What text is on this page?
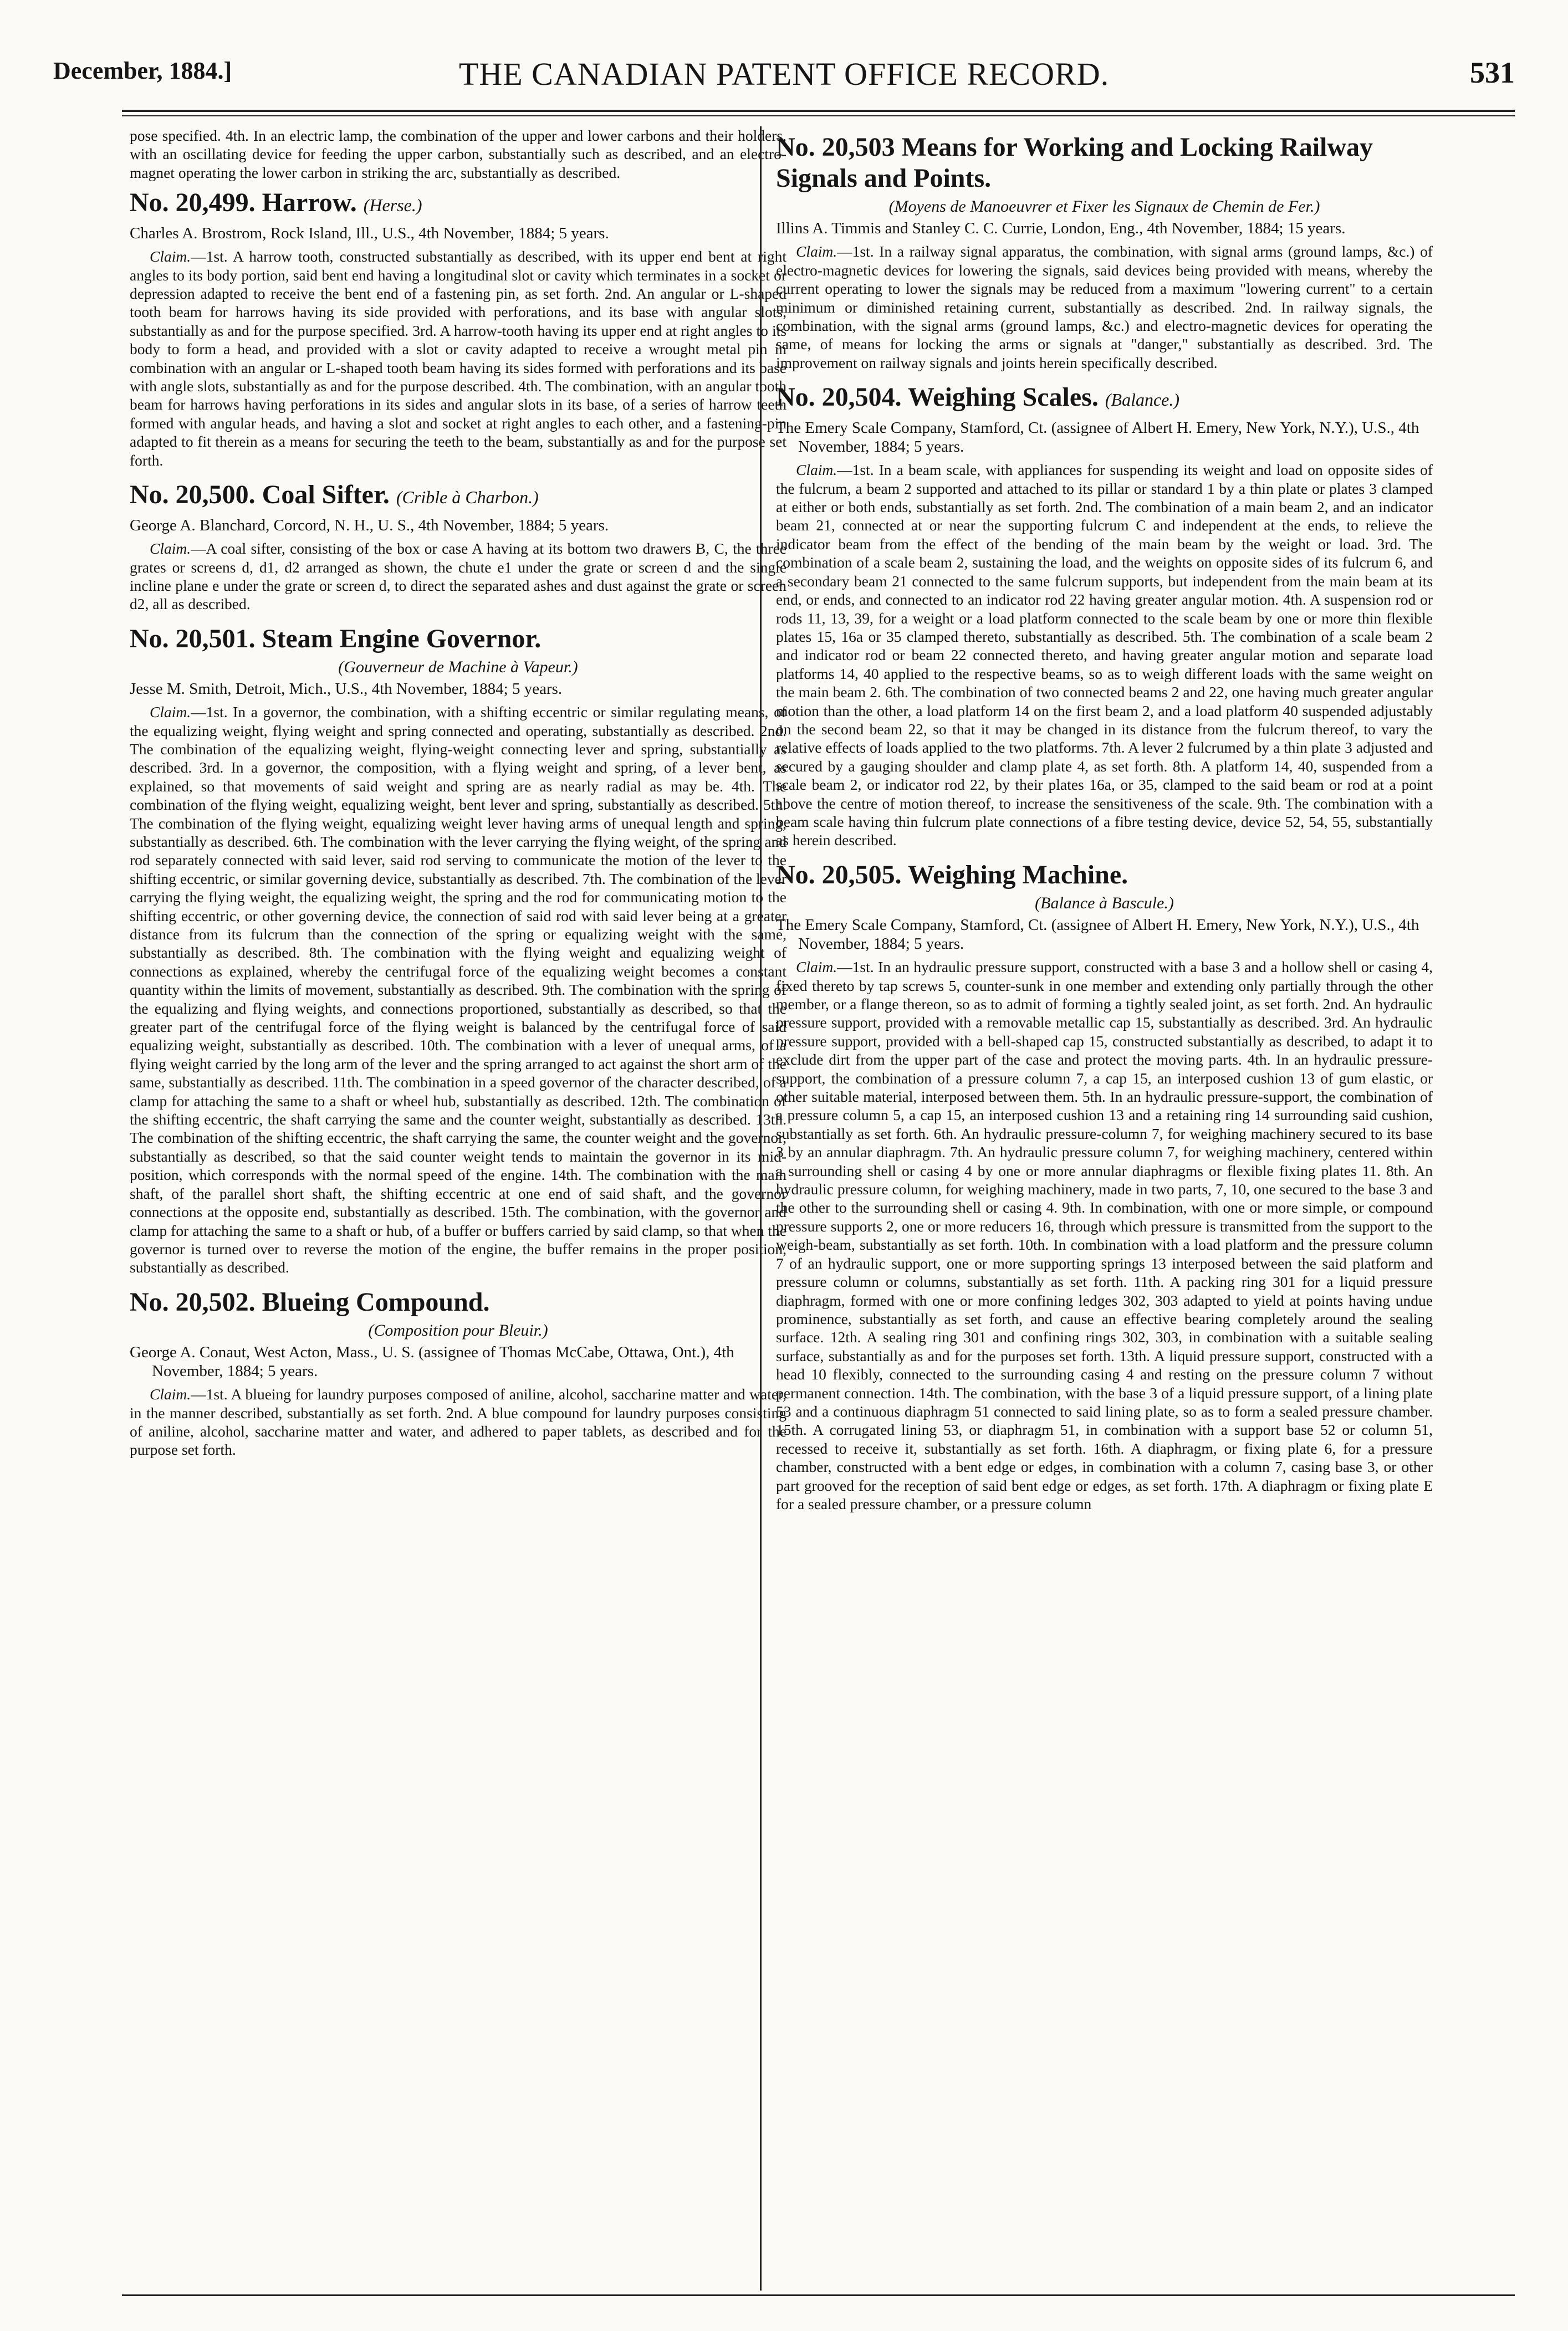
December, 1884.]	THE CANADIAN PATENT OFFICE RECORD.	531
pose specified. 4th. In an electric lamp, the combination of the upper and lower carbons and their holders, with an oscillating device for feeding the upper carbon, substantially such as described, and an electro-magnet operating the lower carbon in striking the arc, substantially as described.
No. 20,499. Harrow. (Herse.)
Charles A. Brostrom, Rock Island, Ill., U.S., 4th November, 1884; 5 years.
Claim.—1st. A harrow tooth, constructed substantially as described, with its upper end bent at right angles to its body portion, said bent end having a longitudinal slot or cavity which terminates in a socket or depression adapted to receive the bent end of a fastening pin, as set forth. 2nd. An angular or L-shaped tooth beam for harrows having its side provided with perforations, and its base with angular slots, substantially as and for the purpose specified. 3rd. A harrow-tooth having its upper end at right angles to its body to form a head, and provided with a slot or cavity adapted to receive a wrought metal pin in combination with an angular or L-shaped tooth beam having its sides formed with perforations and its base with angle slots, substantially as and for the purpose described. 4th. The combination, with an angular tooth beam for harrows having perforations in its sides and angular slots in its base, of a series of harrow teeth formed with angular heads, and having a slot and socket at right angles to each other, and a fastening-pin adapted to fit therein as a means for securing the teeth to the beam, substantially as and for the purpose set forth.
No. 20,500. Coal Sifter. (Crible à Charbon.)
George A. Blanchard, Corcord, N. H., U. S., 4th November, 1884; 5 years.
Claim.—A coal sifter, consisting of the box or case A having at its bottom two drawers B, C, the three grates or screens d, d1, d2 arranged as shown, the chute e1 under the grate or screen d and the single incline plane e under the grate or screen d, to direct the separated ashes and dust against the grate or screen d2, all as described.
No. 20,501. Steam Engine Governor.
(Gouverneur de Machine à Vapeur.)
Jesse M. Smith, Detroit, Mich., U.S., 4th November, 1884; 5 years.
Claim.—1st. In a governor, the combination, with a shifting eccentric or similar regulating means, of the equalizing weight, flying weight and spring connected and operating, substantially as described. 2nd. The combination of the equalizing weight, flying-weight connecting lever and spring, substantially as described. 3rd. In a governor, the composition, with a flying weight and spring, of a lever bent, as explained, so that movements of said weight and spring are as nearly radial as may be. 4th. The combination of the flying weight, equalizing weight, bent lever and spring, substantially as described. 5th. The combination of the flying weight, equalizing weight lever having arms of unequal length and spring, substantially as described. 6th. The combination with the lever carrying the flying weight, of the spring and rod separately connected with said lever, said rod serving to communicate the motion of the lever to the shifting eccentric, or similar governing device, substantially as described. 7th. The combination of the lever carrying the flying weight, the equalizing weight, the spring and the rod for communicating motion to the shifting eccentric, or other governing device, the connection of said rod with said lever being at a greater distance from its fulcrum than the connection of the spring or equalizing weight with the same, substantially as described. 8th. The combination with the flying weight and equalizing weight of connections as explained, whereby the centrifugal force of the equalizing weight becomes a constant quantity within the limits of movement, substantially as described. 9th. The combination with the spring of the equalizing and flying weights, and connections proportioned, substantially as described, so that the greater part of the centrifugal force of the flying weight is balanced by the centrifugal force of said equalizing weight, substantially as described. 10th. The combination with a lever of unequal arms, of a flying weight carried by the long arm of the lever and the spring arranged to act against the short arm of the same, substantially as described. 11th. The combination in a speed governor of the character described, of a clamp for attaching the same to a shaft or wheel hub, substantially as described. 12th. The combination of the shifting eccentric, the shaft carrying the same and the counter weight, substantially as described. 13th. The combination of the shifting eccentric, the shaft carrying the same, the counter weight and the governor, substantially as described, so that the said counter weight tends to maintain the governor in its mid-position, which corresponds with the normal speed of the engine. 14th. The combination with the main shaft, of the parallel short shaft, the shifting eccentric at one end of said shaft, and the governor connections at the opposite end, substantially as described. 15th. The combination, with the governor and clamp for attaching the same to a shaft or hub, of a buffer or buffers carried by said clamp, so that when the governor is turned over to reverse the motion of the engine, the buffer remains in the proper position, substantially as described.
No. 20,502. Blueing Compound.
(Composition pour Bleuir.)
George A. Conaut, West Acton, Mass., U. S. (assignee of Thomas McCabe, Ottawa, Ont.), 4th November, 1884; 5 years.
Claim.—1st. A blueing for laundry purposes composed of aniline, alcohol, saccharine matter and water, in the manner described, substantially as set forth. 2nd. A blue compound for laundry purposes consisting of aniline, alcohol, saccharine matter and water, and adhered to paper tablets, as described and for the purpose set forth.
No. 20,503 Means for Working and Locking Railway Signals and Points.
(Moyens de Manoeuvrer et Fixer les Signaux de Chemin de Fer.)
Illins A. Timmis and Stanley C. C. Currie, London, Eng., 4th November, 1884; 15 years.
Claim.—1st. In a railway signal apparatus, the combination, with signal arms (ground lamps, &c.) of electro-magnetic devices for lowering the signals, said devices being provided with means, whereby the current operating to lower the signals may be reduced from a maximum "lowering current" to a certain minimum or diminished retaining current, substantially as described. 2nd. In railway signals, the combination, with the signal arms (ground lamps, &c.) and electro-magnetic devices for operating the same, of means for locking the arms or signals at "danger," substantially as described. 3rd. The improvement on railway signals and joints herein specifically described.
No. 20,504. Weighing Scales. (Balance.)
The Emery Scale Company, Stamford, Ct. (assignee of Albert H. Emery, New York, N.Y.), U.S., 4th November, 1884; 5 years.
Claim.—1st. In a beam scale, with appliances for suspending its weight and load on opposite sides of the fulcrum, a beam 2 supported and attached to its pillar or standard 1 by a thin plate or plates 3 clamped at either or both ends, substantially as set forth. 2nd. The combination of a main beam 2, and an indicator beam 21, connected at or near the supporting fulcrum C and independent at the ends, to relieve the indicator beam from the effect of the bending of the main beam by the weight or load. 3rd. The combination of a scale beam 2, sustaining the load, and the weights on opposite sides of its fulcrum 6, and a secondary beam 21 connected to the same fulcrum supports, but independent from the main beam at its end, or ends, and connected to an indicator rod 22 having greater angular motion. 4th. A suspension rod or rods 11, 13, 39, for a weight or a load platform connected to the scale beam by one or more thin flexible plates 15, 16a or 35 clamped thereto, substantially as described. 5th. The combination of a scale beam 2 and indicator rod or beam 22 connected thereto, and having greater angular motion and separate load platforms 14, 40 applied to the respective beams, so as to weigh different loads with the same weight on the main beam 2. 6th. The combination of two connected beams 2 and 22, one having much greater angular motion than the other, a load platform 14 on the first beam 2, and a load platform 40 suspended adjustably on the second beam 22, so that it may be changed in its distance from the fulcrum thereof, to vary the relative effects of loads applied to the two platforms. 7th. A lever 2 fulcrumed by a thin plate 3 adjusted and secured by a gauging shoulder and clamp plate 4, as set forth. 8th. A platform 14, 40, suspended from a scale beam 2, or indicator rod 22, by their plates 16a, or 35, clamped to the said beam or rod at a point above the centre of motion thereof, to increase the sensitiveness of the scale. 9th. The combination with a beam scale having thin fulcrum plate connections of a fibre testing device, device 52, 54, 55, substantially as herein described.
No. 20,505. Weighing Machine.
(Balance à Bascule.)
The Emery Scale Company, Stamford, Ct. (assignee of Albert H. Emery, New York, N.Y.), U.S., 4th November, 1884; 5 years.
Claim.—1st. In an hydraulic pressure support, constructed with a base 3 and a hollow shell or casing 4, fixed thereto by tap screws 5, counter-sunk in one member and extending only partially through the other member, or a flange thereon, so as to admit of forming a tightly sealed joint, as set forth. 2nd. An hydraulic pressure support, provided with a removable metallic cap 15, substantially as described. 3rd. An hydraulic pressure support, provided with a bell-shaped cap 15, constructed substantially as described, to adapt it to exclude dirt from the upper part of the case and protect the moving parts. 4th. In an hydraulic pressure-support, the combination of a pressure column 7, a cap 15, an interposed cushion 13 of gum elastic, or other suitable material, interposed between them. 5th. In an hydraulic pressure-support, the combination of a pressure column 5, a cap 15, an interposed cushion 13 and a retaining ring 14 surrounding said cushion, substantially as set forth. 6th. An hydraulic pressure-column 7, for weighing machinery secured to its base 3 by an annular diaphragm. 7th. An hydraulic pressure column 7, for weighing machinery, centered within a surrounding shell or casing 4 by one or more annular diaphragms or flexible fixing plates 11. 8th. An hydraulic pressure column, for weighing machinery, made in two parts, 7, 10, one secured to the base 3 and the other to the surrounding shell or casing 4. 9th. In combination, with one or more simple, or compound pressure supports 2, one or more reducers 16, through which pressure is transmitted from the support to the weigh-beam, substantially as set forth. 10th. In combination with a load platform and the pressure column 7 of an hydraulic support, one or more supporting springs 13 interposed between the said platform and pressure column or columns, substantially as set forth. 11th. A packing ring 301 for a liquid pressure diaphragm, formed with one or more confining ledges 302, 303 adapted to yield at points having undue prominence, substantially as set forth, and cause an effective bearing completely around the sealing surface. 12th. A sealing ring 301 and confining rings 302, 303, in combination with a suitable sealing surface, substantially as and for the purposes set forth. 13th. A liquid pressure support, constructed with a head 10 flexibly, connected to the surrounding casing 4 and resting on the pressure column 7 without permanent connection. 14th. The combination, with the base 3 of a liquid pressure support, of a lining plate 53 and a continuous diaphragm 51 connected to said lining plate, so as to form a sealed pressure chamber. 15th. A corrugated lining 53, or diaphragm 51, in combination with a support base 52 or column 51, recessed to receive it, substantially as set forth. 16th. A diaphragm, or fixing plate 6, for a pressure chamber, constructed with a bent edge or edges, in combination with a column 7, casing base 3, or other part grooved for the reception of said bent edge or edges, as set forth. 17th. A diaphragm or fixing plate E for a sealed pressure chamber, or a pressure column
